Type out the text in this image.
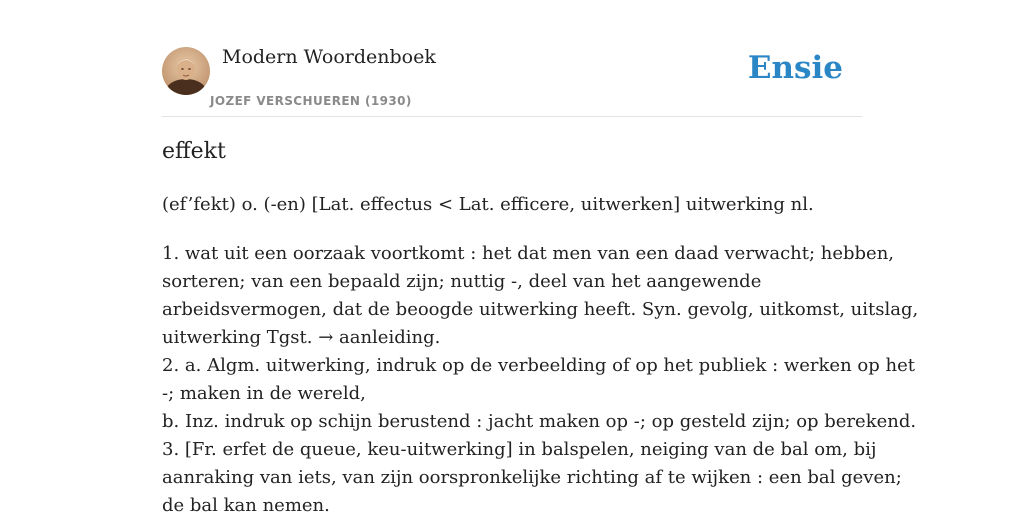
Modern Woordenboek
JOZEF VERSCHUEREN (1930)
Ensie
effekt
(ef’fekt) o. (-en) [Lat. effectus < Lat. efficere, uitwerken] uitwerking nl.
1. wat uit een oorzaak voortkomt : het dat men van een daad verwacht; hebben,
sorteren; van een bepaald zijn; nuttig -, deel van het aangewende
arbeidsvermogen, dat de beoogde uitwerking heeft. Syn. gevolg, uitkomst, uitslag,
uitwerking Tgst. → aanleiding.
2. a. Algm. uitwerking, indruk op de verbeelding of op het publiek : werken op het
-; maken in de wereld,
b. Inz. indruk op schijn berustend : jacht maken op -; op gesteld zijn; op berekend.
3. [Fr. erfet de queue, keu-uitwerking] in balspelen, neiging van de bal om, bij
aanraking van iets, van zijn oorspronkelijke richting af te wijken : een bal geven;
de bal kan nemen.
